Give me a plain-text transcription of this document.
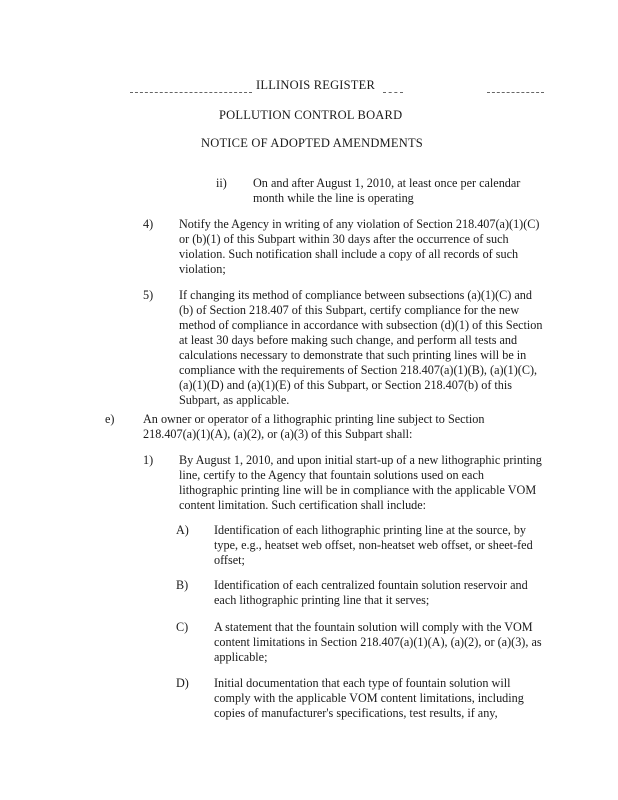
ILLINOIS REGISTER
POLLUTION CONTROL BOARD
NOTICE OF ADOPTED AMENDMENTS
ii) On and after August 1, 2010, at least once per calendar month while the line is operating
4) Notify the Agency in writing of any violation of Section 218.407(a)(1)(C) or (b)(1) of this Subpart within 30 days after the occurrence of such violation. Such notification shall include a copy of all records of such violation;
5) If changing its method of compliance between subsections (a)(1)(C) and (b) of Section 218.407 of this Subpart, certify compliance for the new method of compliance in accordance with subsection (d)(1) of this Section at least 30 days before making such change, and perform all tests and calculations necessary to demonstrate that such printing lines will be in compliance with the requirements of Section 218.407(a)(1)(B), (a)(1)(C), (a)(1)(D) and (a)(1)(E) of this Subpart, or Section 218.407(b) of this Subpart, as applicable.
e) An owner or operator of a lithographic printing line subject to Section 218.407(a)(1)(A), (a)(2), or (a)(3) of this Subpart shall:
1) By August 1, 2010, and upon initial start-up of a new lithographic printing line, certify to the Agency that fountain solutions used on each lithographic printing line will be in compliance with the applicable VOM content limitation. Such certification shall include:
A) Identification of each lithographic printing line at the source, by type, e.g., heatset web offset, non-heatset web offset, or sheet-fed offset;
B) Identification of each centralized fountain solution reservoir and each lithographic printing line that it serves;
C) A statement that the fountain solution will comply with the VOM content limitations in Section 218.407(a)(1)(A), (a)(2), or (a)(3), as applicable;
D) Initial documentation that each type of fountain solution will comply with the applicable VOM content limitations, including copies of manufacturer's specifications, test results, if any,
